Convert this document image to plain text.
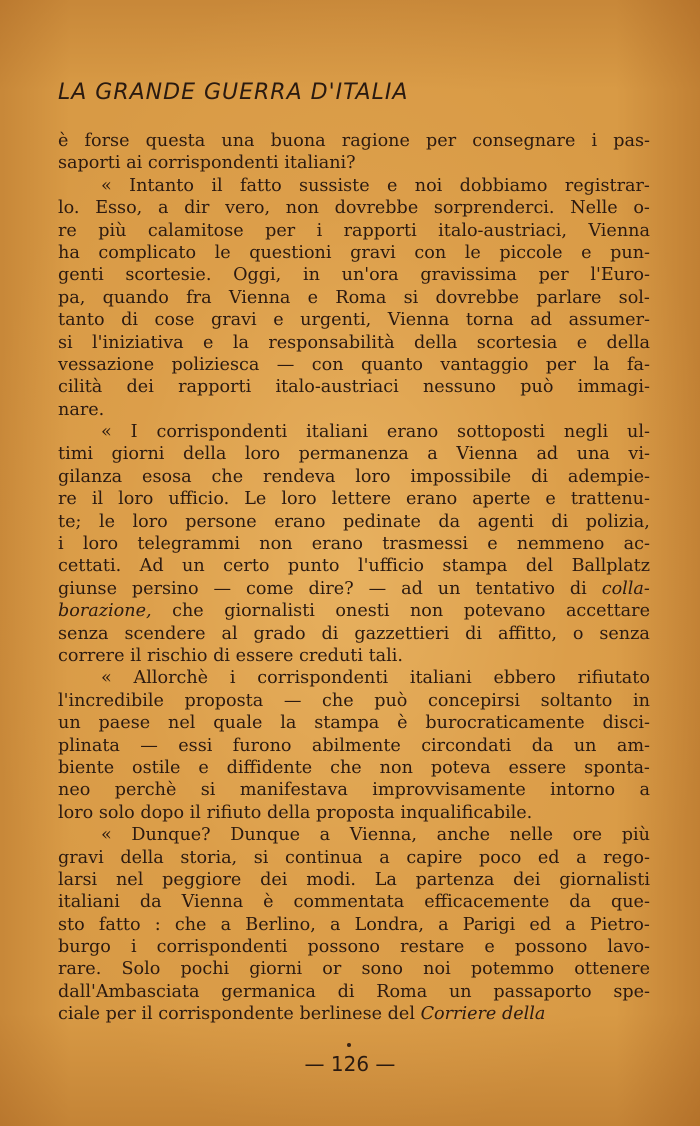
LA GRANDE GUERRA D'ITALIA
è forse questa una buona ragione per consegnare i pas-
saporti ai corrispondenti italiani?
« Intanto il fatto sussiste e noi dobbiamo registrar-
lo. Esso, a dir vero, non dovrebbe sorprenderci. Nelle o-
re più calamitose per i rapporti italo-austriaci, Vienna
ha complicato le questioni gravi con le piccole e pun-
genti scortesie. Oggi, in un'ora gravissima per l'Euro-
pa, quando fra Vienna e Roma si dovrebbe parlare sol-
tanto di cose gravi e urgenti, Vienna torna ad assumer-
si l'iniziativa e la responsabilità della scortesia e della
vessazione poliziesca — con quanto vantaggio per la fa-
cilità dei rapporti italo-austriaci nessuno può immagi-
nare.
« I corrispondenti italiani erano sottoposti negli ul-
timi giorni della loro permanenza a Vienna ad una vi-
gilanza esosa che rendeva loro impossibile di adempie-
re il loro ufficio. Le loro lettere erano aperte e trattenu-
te; le loro persone erano pedinate da agenti di polizia,
i loro telegrammi non erano trasmessi e nemmeno ac-
cettati. Ad un certo punto l'ufficio stampa del Ballplatz
giunse persino — come dire? — ad un tentativo di colla-
borazione, che giornalisti onesti non potevano accettare
senza scendere al grado di gazzettieri di affitto, o senza
correre il rischio di essere creduti tali.
« Allorchè i corrispondenti italiani ebbero rifiutato
l'incredibile proposta — che può concepirsi soltanto in
un paese nel quale la stampa è burocraticamente disci-
plinata — essi furono abilmente circondati da un am-
biente ostile e diffidente che non poteva essere sponta-
neo perchè si manifestava improvvisamente intorno a
loro solo dopo il rifiuto della proposta inqualificabile.
« Dunque? Dunque a Vienna, anche nelle ore più
gravi della storia, si continua a capire poco ed a rego-
larsi nel peggiore dei modi. La partenza dei giornalisti
italiani da Vienna è commentata efficacemente da que-
sto fatto : che a Berlino, a Londra, a Parigi ed a Pietro-
burgo i corrispondenti possono restare e possono lavo-
rare. Solo pochi giorni or sono noi potemmo ottenere
dall'Ambasciata germanica di Roma un passaporto spe-
ciale per il corrispondente berlinese del Corriere della
— 126 —
